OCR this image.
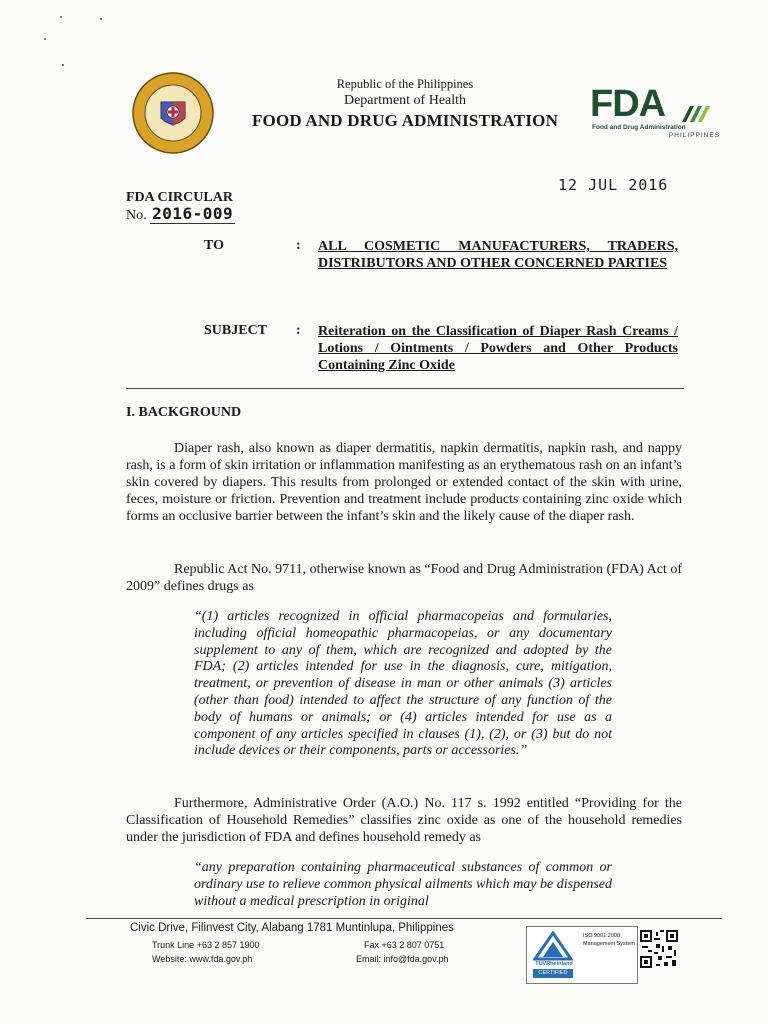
Republic of the Philippines
Department of Health
FOOD AND DRUG ADMINISTRATION FDA
Food and Drug Administration
PHILIPPINES
12 JUL 2016
FDA CIRCULAR
No. 2016-009
TO	: ALL COSMETIC MANUFACTURERS, TRADERS, DISTRIBUTORS AND OTHER CONCERNED PARTIES
SUBJECT : Reiteration on the Classification of Diaper Rash Creams / Lotions / Ointments / Powders and Other Products Containing Zinc Oxide
I. BACKGROUND
Diaper rash, also known as diaper dermatitis, napkin dermatitis, napkin rash, and nappy rash, is a form of skin irritation or inflammation manifesting as an erythematous rash on an infant’s skin covered by diapers. This results from prolonged or extended contact of the skin with urine, feces, moisture or friction. Prevention and treatment include products containing zinc oxide which forms an occlusive barrier between the infant’s skin and the likely cause of the diaper rash.
Republic Act No. 9711, otherwise known as “Food and Drug Administration (FDA) Act of 2009” defines drugs as
“(1) articles recognized in official pharmacopeias and formularies, including official homeopathic pharmacopeias, or any documentary supplement to any of them, which are recognized and adopted by the FDA; (2) articles intended for use in the diagnosis, cure, mitigation, treatment, or prevention of disease in man or other animals (3) articles (other than food) intended to affect the structure of any function of the body of humans or animals; or (4) articles intended for use as a component of any articles specified in clauses (1), (2), or (3) but do not include devices or their components, parts or accessories.”
Furthermore, Administrative Order (A.O.) No. 117 s. 1992 entitled “Providing for the Classification of Household Remedies” classifies zinc oxide as one of the household remedies under the jurisdiction of FDA and defines household remedy as
“any preparation containing pharmaceutical substances of common or ordinary use to relieve common physical ailments which may be dispensed without a medical prescription in original
Civic Drive, Filinvest City, Alabang 1781 Muntinlupa, Philippines
Trunk Line +63 2 857 1900	Fax +63 2 807 0751
Website: www.fda.gov.ph	Email: info@fda.gov.ph	TÜVRheinland
CERTIFIED
ISO 9001:2008
Management System
